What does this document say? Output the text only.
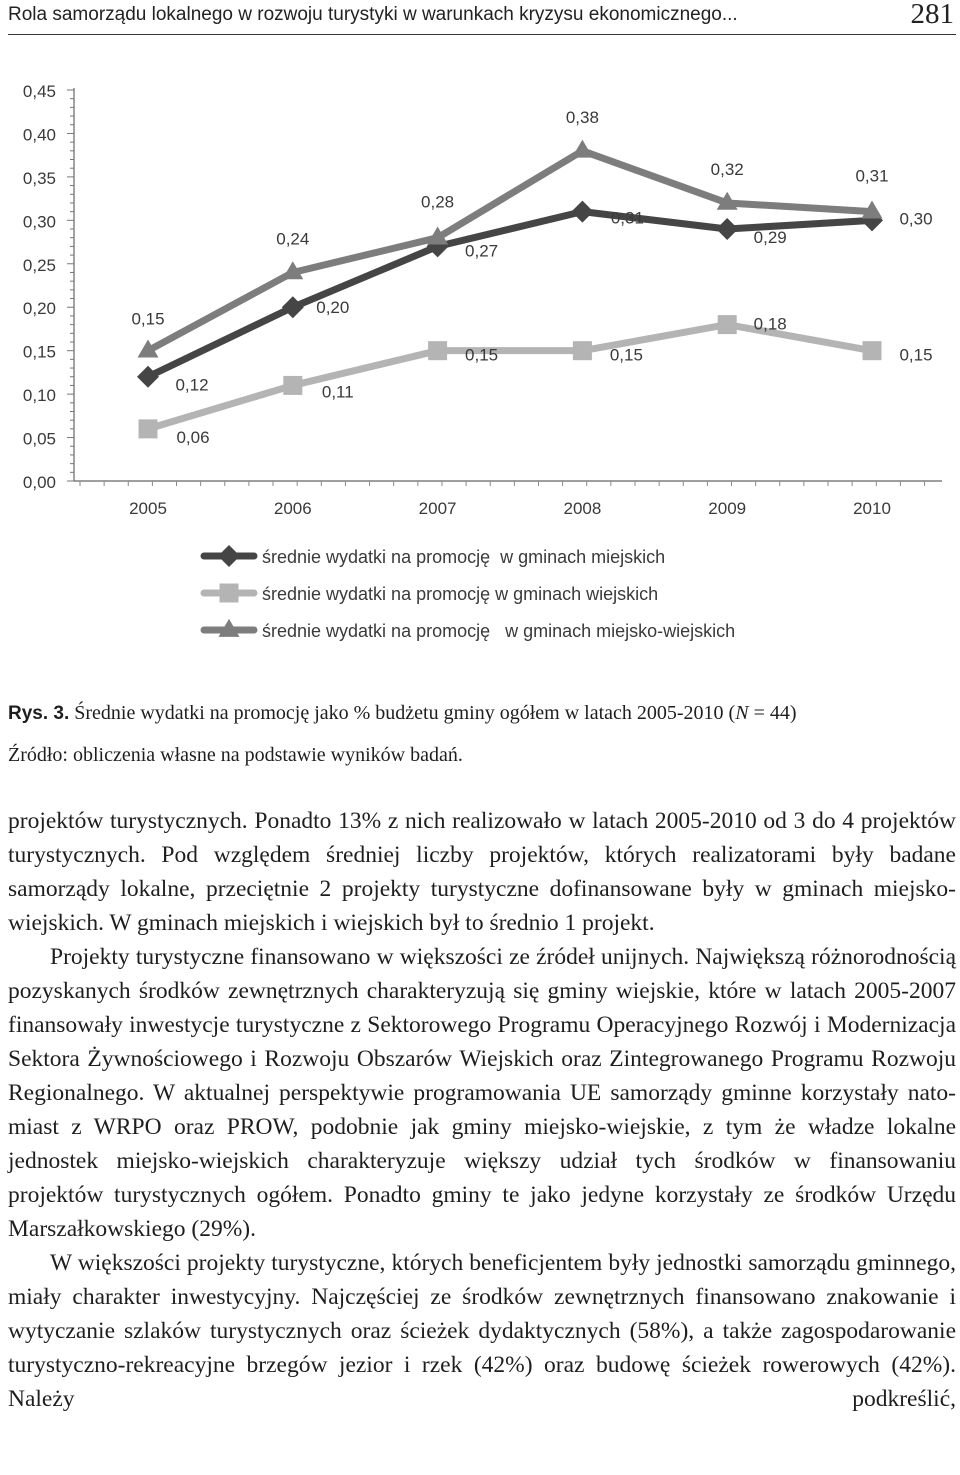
Rola samorządu lokalnego w rozwoju turystyki w warunkach kryzysu ekonomicznego...	281
0,00
0,05
0,10
0,15
0,20
0,25
0,30
0,35
0,40
0,45
2005	2006	2007	2008	2009	2010
0,12
0,20
0,27
0,31
0,29
0,30
0,06
0,11
0,15	0,15
0,18
0,15
0,15
0,24
0,28
0,38
0,32	0,31
średnie wydatki na promocję  w gminach miejskich
średnie wydatki na promocję w gminach wiejskich
średnie wydatki na promocję   w gminach miejsko-wiejskich
Rys. 3. Średnie wydatki na promocję jako % budżetu gminy ogółem w latach 2005-2010 (N = 44)
Źródło: obliczenia własne na podstawie wyników badań.

projektów turystycznych. Ponadto 13% z nich realizowało w latach 2005-2010 od 3 do 4 projektów turystycznych. Pod względem średniej liczby projektów, których realizatorami były badane samorządy lokalne, przeciętnie 2 projekty turystyczne dofinansowane były w gminach miejsko-wiejskich. W gminach miejskich i wiejskich był to średnio 1 projekt.

Projekty turystyczne finansowano w większości ze źródeł unijnych. Największą różnorodnością pozyskanych środków zewnętrznych charakteryzują się gminy wiejskie, które w latach 2005-2007 finansowały inwestycje turystyczne z Sektorowego Programu Operacyjnego Rozwój i Modernizacja Sektora Żywnościowego i Rozwoju Obszarów Wiejskich oraz Zintegrowanego Programu Rozwoju Regionalnego. W aktualnej perspektywie programowania UE samorządy gminne korzystały natomiast z WRPO oraz PROW, podobnie jak gminy miejsko-wiejskie, z tym że władze lokalne jednostek miejsko-wiejskich charakteryzuje większy udział tych środków w finansowaniu projektów turystycznych ogółem. Ponadto gminy te jako jedyne korzystały ze środków Urzędu Marszałkowskiego (29%).

W większości projekty turystyczne, których beneficjentem były jednostki samorządu gminnego, miały charakter inwestycyjny. Najczęściej ze środków zewnętrznych finansowano znakowanie i wytyczanie szlaków turystycznych oraz ścieżek dydaktycznych (58%), a także zagospodarowanie turystyczno-rekreacyjne brzegów jezior i rzek (42%) oraz budowę ścieżek rowerowych (42%). Należy podkreślić,
